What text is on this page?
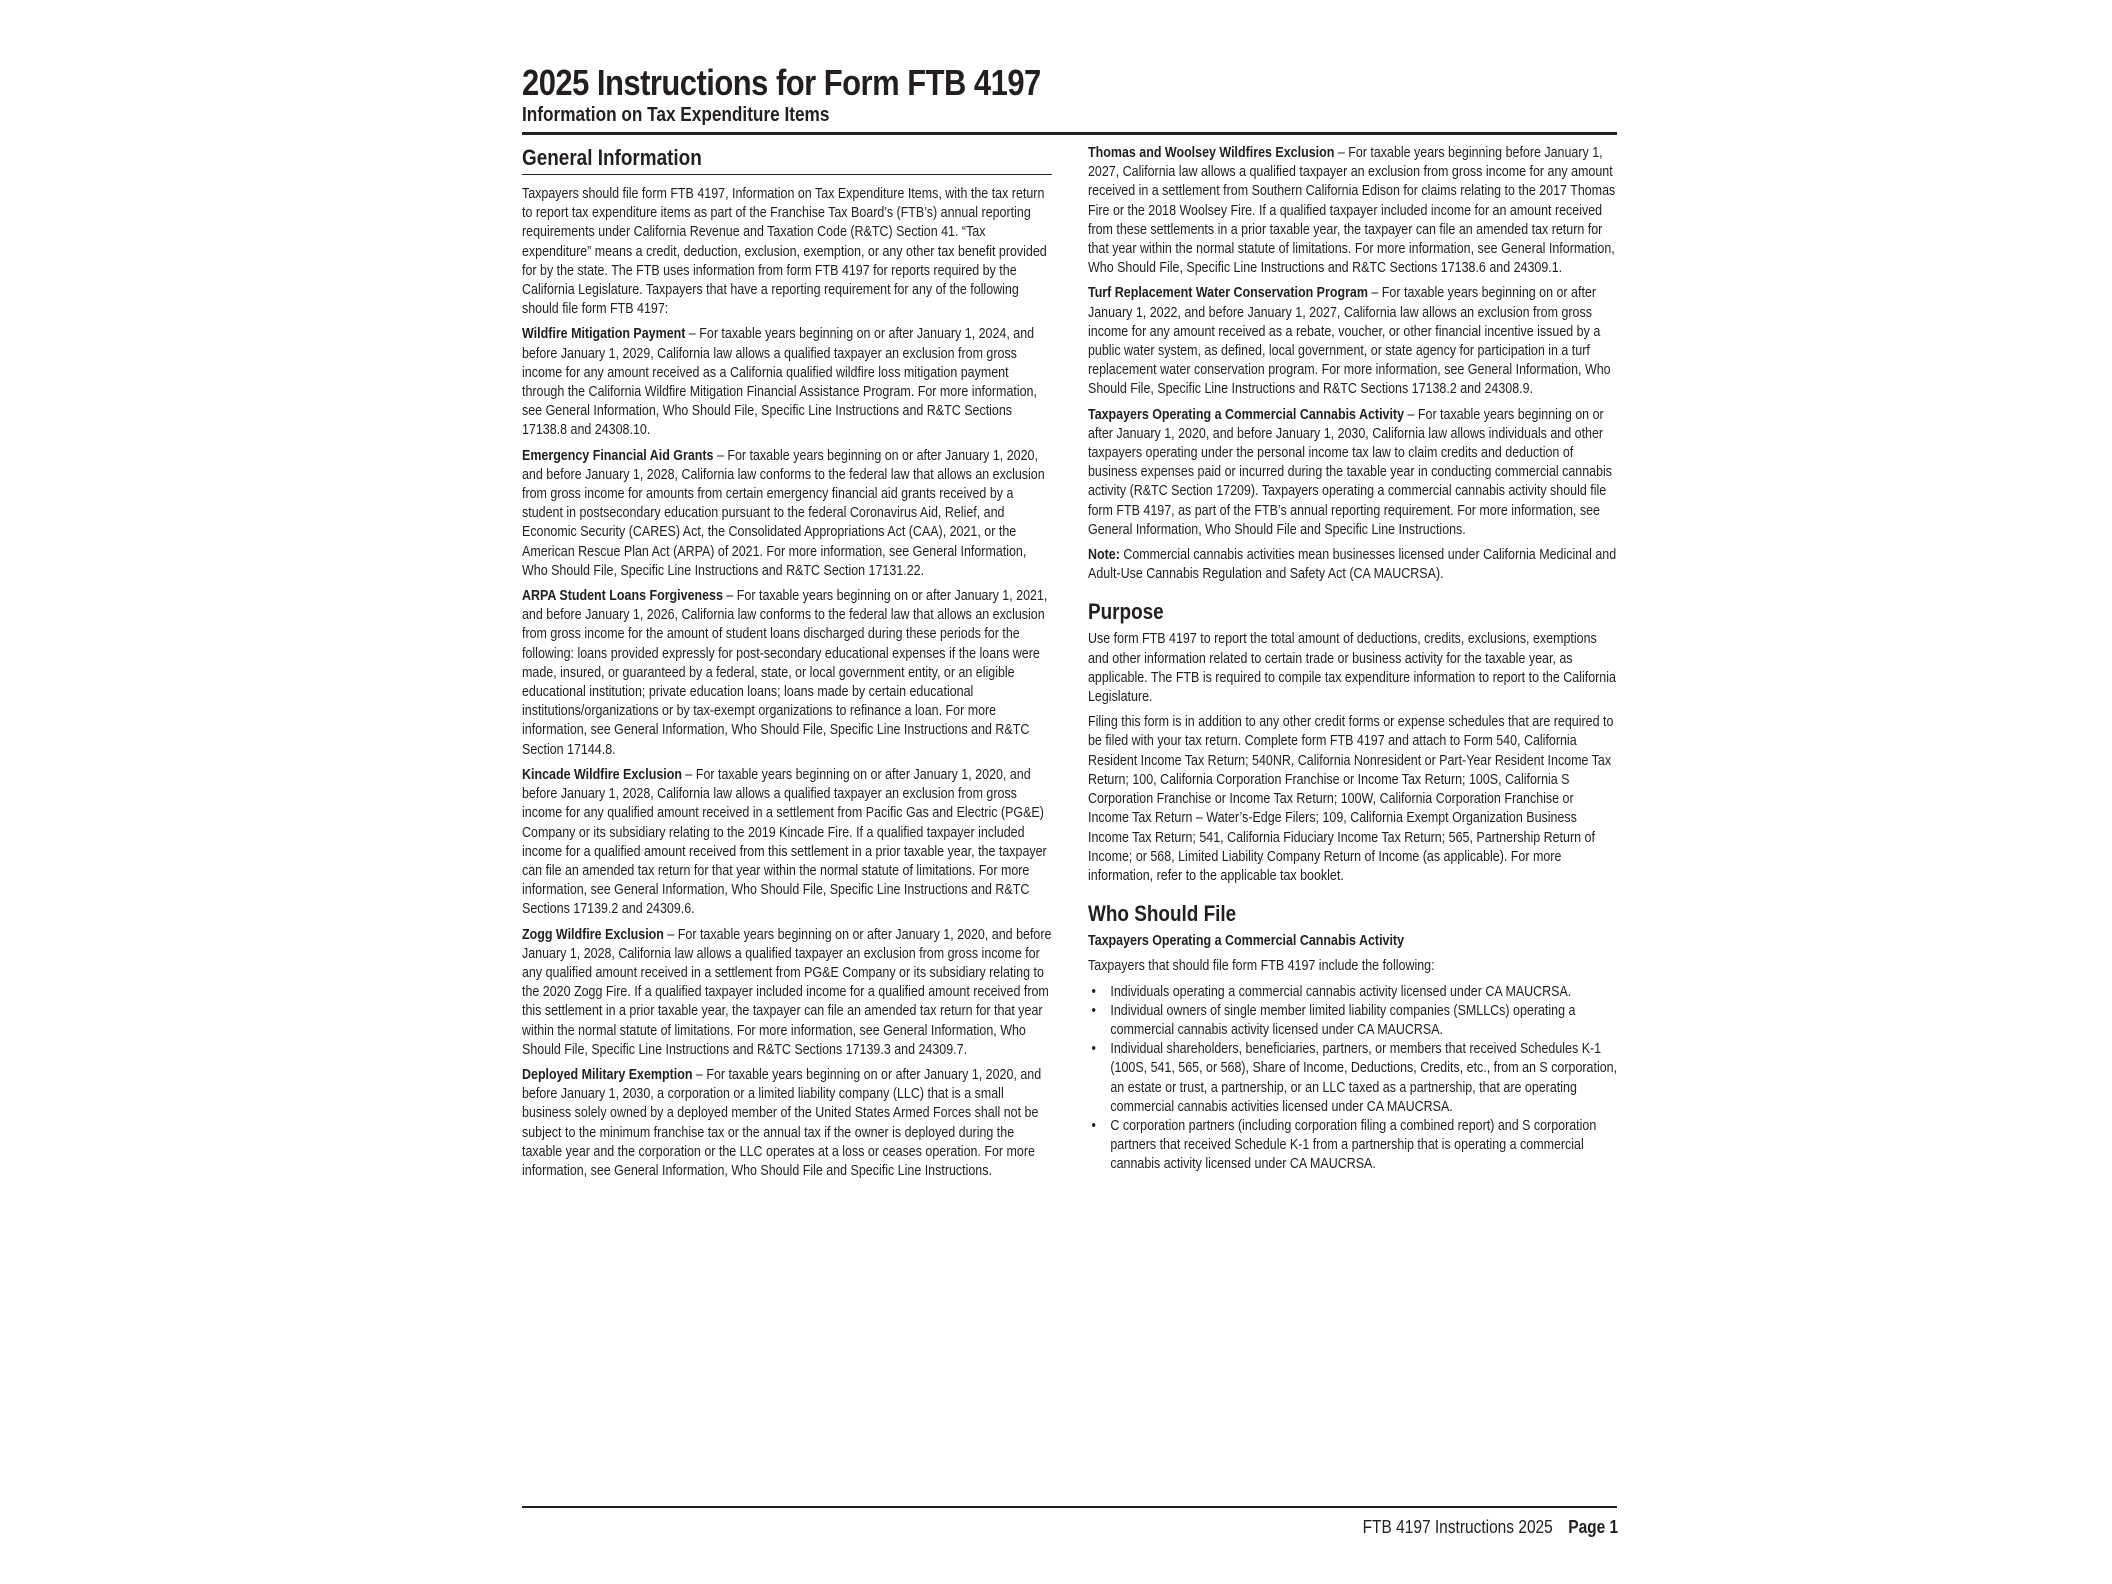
2025 Instructions for Form FTB 4197
Information on Tax Expenditure Items
General Information

Taxpayers should file form FTB 4197, Information on Tax Expenditure Items, with the tax return to report tax expenditure items as part of the Franchise Tax Board’s (FTB’s) annual reporting requirements under California Revenue and Taxation Code (R&TC) Section 41. “Tax expenditure” means a credit, deduction, exclusion, exemption, or any other tax benefit provided for by the state. The FTB uses information from form FTB 4197 for reports required by the California Legislature. Taxpayers that have a reporting requirement for any of the following should file form FTB 4197:

Wildfire Mitigation Payment – For taxable years beginning on or after January 1, 2024, and before January 1, 2029, California law allows a qualified taxpayer an exclusion from gross income for any amount received as a California qualified wildfire loss mitigation payment through the California Wildfire Mitigation Financial Assistance Program. For more information, see General Information, Who Should File, Specific Line Instructions and R&TC Sections 17138.8 and 24308.10.

Emergency Financial Aid Grants – For taxable years beginning on or after January 1, 2020, and before January 1, 2028, California law conforms to the federal law that allows an exclusion from gross income for amounts from certain emergency financial aid grants received by a student in postsecondary education pursuant to the federal Coronavirus Aid, Relief, and Economic Security (CARES) Act, the Consolidated Appropriations Act (CAA), 2021, or the American Rescue Plan Act (ARPA) of 2021. For more information, see General Information, Who Should File, Specific Line Instructions and R&TC Section 17131.22.

ARPA Student Loans Forgiveness – For taxable years beginning on or after January 1, 2021, and before January 1, 2026, California law conforms to the federal law that allows an exclusion from gross income for the amount of student loans discharged during these periods for the following: loans provided expressly for post-secondary educational expenses if the loans were made, insured, or guaranteed by a federal, state, or local government entity, or an eligible educational institution; private education loans; loans made by certain educational institutions/organizations or by tax-exempt organizations to refinance a loan. For more information, see General Information, Who Should File, Specific Line Instructions and R&TC Section 17144.8.

Kincade Wildfire Exclusion – For taxable years beginning on or after January 1, 2020, and before January 1, 2028, California law allows a qualified taxpayer an exclusion from gross income for any qualified amount received in a settlement from Pacific Gas and Electric (PG&E) Company or its subsidiary relating to the 2019 Kincade Fire. If a qualified taxpayer included income for a qualified amount received from this settlement in a prior taxable year, the taxpayer can file an amended tax return for that year within the normal statute of limitations. For more information, see General Information, Who Should File, Specific Line Instructions and R&TC Sections 17139.2 and 24309.6.

Zogg Wildfire Exclusion – For taxable years beginning on or after January 1, 2020, and before January 1, 2028, California law allows a qualified taxpayer an exclusion from gross income for any qualified amount received in a settlement from PG&E Company or its subsidiary relating to the 2020 Zogg Fire. If a qualified taxpayer included income for a qualified amount received from this settlement in a prior taxable year, the taxpayer can file an amended tax return for that year within the normal statute of limitations. For more information, see General Information, Who Should File, Specific Line Instructions and R&TC Sections 17139.3 and 24309.7.

Deployed Military Exemption – For taxable years beginning on or after January 1, 2020, and before January 1, 2030, a corporation or a limited liability company (LLC) that is a small business solely owned by a deployed member of the United States Armed Forces shall not be subject to the minimum franchise tax or the annual tax if the owner is deployed during the taxable year and the corporation or the LLC operates at a loss or ceases operation. For more information, see General Information, Who Should File and Specific Line Instructions.

Thomas and Woolsey Wildfires Exclusion – For taxable years beginning before January 1, 2027, California law allows a qualified taxpayer an exclusion from gross income for any amount received in a settlement from Southern California Edison for claims relating to the 2017 Thomas Fire or the 2018 Woolsey Fire. If a qualified taxpayer included income for an amount received from these settlements in a prior taxable year, the taxpayer can file an amended tax return for that year within the normal statute of limitations. For more information, see General Information, Who Should File, Specific Line Instructions and R&TC Sections 17138.6 and 24309.1.

Turf Replacement Water Conservation Program – For taxable years beginning on or after January 1, 2022, and before January 1, 2027, California law allows an exclusion from gross income for any amount received as a rebate, voucher, or other financial incentive issued by a public water system, as defined, local government, or state agency for participation in a turf replacement water conservation program. For more information, see General Information, Who Should File, Specific Line Instructions and R&TC Sections 17138.2 and 24308.9.

Taxpayers Operating a Commercial Cannabis Activity – For taxable years beginning on or after January 1, 2020, and before January 1, 2030, California law allows individuals and other taxpayers operating under the personal income tax law to claim credits and deduction of business expenses paid or incurred during the taxable year in conducting commercial cannabis activity (R&TC Section 17209). Taxpayers operating a commercial cannabis activity should file form FTB 4197, as part of the FTB’s annual reporting requirement. For more information, see General Information, Who Should File and Specific Line Instructions.

Note: Commercial cannabis activities mean businesses licensed under California Medicinal and Adult-Use Cannabis Regulation and Safety Act (CA MAUCRSA).

Purpose

Use form FTB 4197 to report the total amount of deductions, credits, exclusions, exemptions and other information related to certain trade or business activity for the taxable year, as applicable. The FTB is required to compile tax expenditure information to report to the California Legislature.

Filing this form is in addition to any other credit forms or expense schedules that are required to be filed with your tax return. Complete form FTB 4197 and attach to Form 540, California Resident Income Tax Return; 540NR, California Nonresident or Part-Year Resident Income Tax Return; 100, California Corporation Franchise or Income Tax Return; 100S, California S Corporation Franchise or Income Tax Return; 100W, California Corporation Franchise or Income Tax Return – Water’s-Edge Filers; 109, California Exempt Organization Business Income Tax Return; 541, California Fiduciary Income Tax Return; 565, Partnership Return of Income; or 568, Limited Liability Company Return of Income (as applicable). For more information, refer to the applicable tax booklet.

Who Should File
Taxpayers Operating a Commercial Cannabis Activity

Taxpayers that should file form FTB 4197 include the following:

• Individuals operating a commercial cannabis activity licensed under CA MAUCRSA.
• Individual owners of single member limited liability companies (SMLLCs) operating a commercial cannabis activity licensed under CA MAUCRSA.
• Individual shareholders, beneficiaries, partners, or members that received Schedules K-1 (100S, 541, 565, or 568), Share of Income, Deductions, Credits, etc., from an S corporation, an estate or trust, a partnership, or an LLC taxed as a partnership, that are operating commercial cannabis activities licensed under CA MAUCRSA.
• C corporation partners (including corporation filing a combined report) and S corporation partners that received Schedule K-1 from a partnership that is operating a commercial cannabis activity licensed under CA MAUCRSA.
FTB 4197 Instructions 2025 Page 1
